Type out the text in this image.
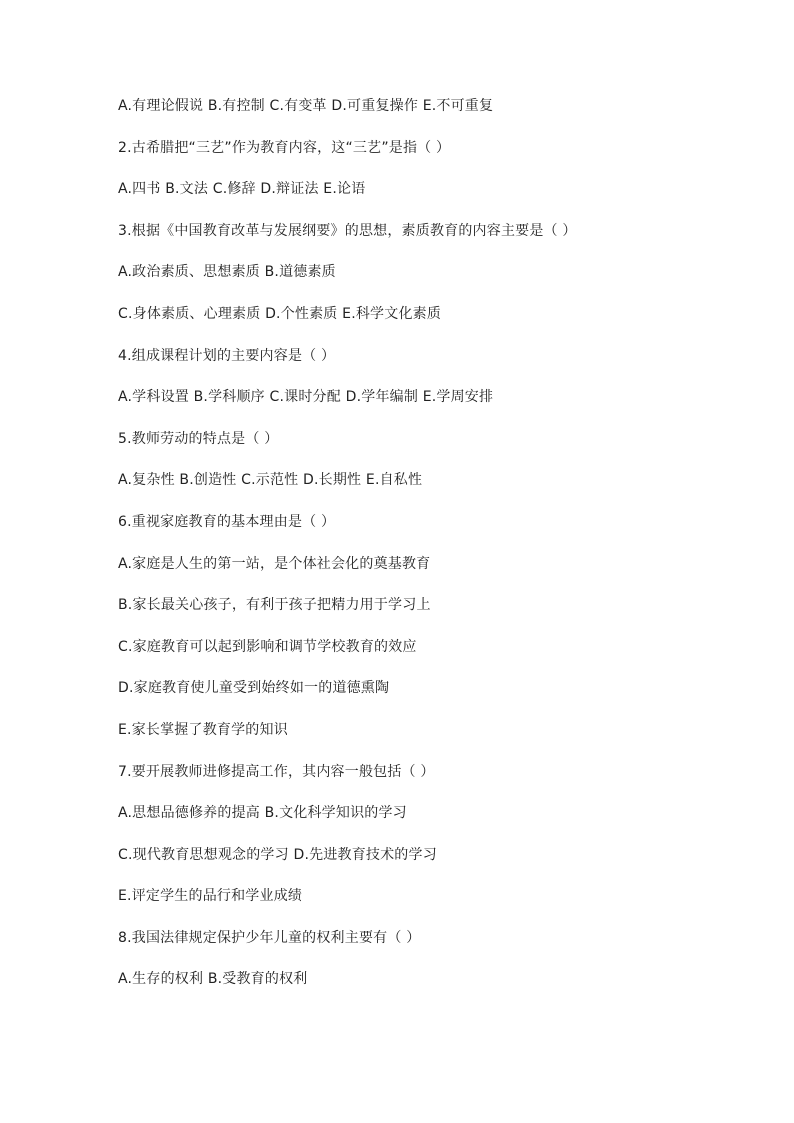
A.有理论假说 B.有控制 C.有变革 D.可重复操作 E.不可重复
2.古希腊把“三艺”作为教育内容，这“三艺”是指（ ）
A.四书 B.文法 C.修辞 D.辩证法 E.论语
3.根据《中国教育改革与发展纲要》的思想，素质教育的内容主要是（ ）
A.政治素质、思想素质 B.道德素质
C.身体素质、心理素质 D.个性素质 E.科学文化素质
4.组成课程计划的主要内容是（ ）
A.学科设置 B.学科顺序 C.课时分配 D.学年编制 E.学周安排
5.教师劳动的特点是（ ）
A.复杂性 B.创造性 C.示范性 D.长期性 E.自私性
6.重视家庭教育的基本理由是（ ）
A.家庭是人生的第一站，是个体社会化的奠基教育
B.家长最关心孩子，有利于孩子把精力用于学习上
C.家庭教育可以起到影响和调节学校教育的效应
D.家庭教育使儿童受到始终如一的道德熏陶
E.家长掌握了教育学的知识
7.要开展教师进修提高工作，其内容一般包括（ ）
A.思想品德修养的提高 B.文化科学知识的学习
C.现代教育思想观念的学习 D.先进教育技术的学习
E.评定学生的品行和学业成绩
8.我国法律规定保护少年儿童的权利主要有（ ）
A.生存的权利 B.受教育的权利
